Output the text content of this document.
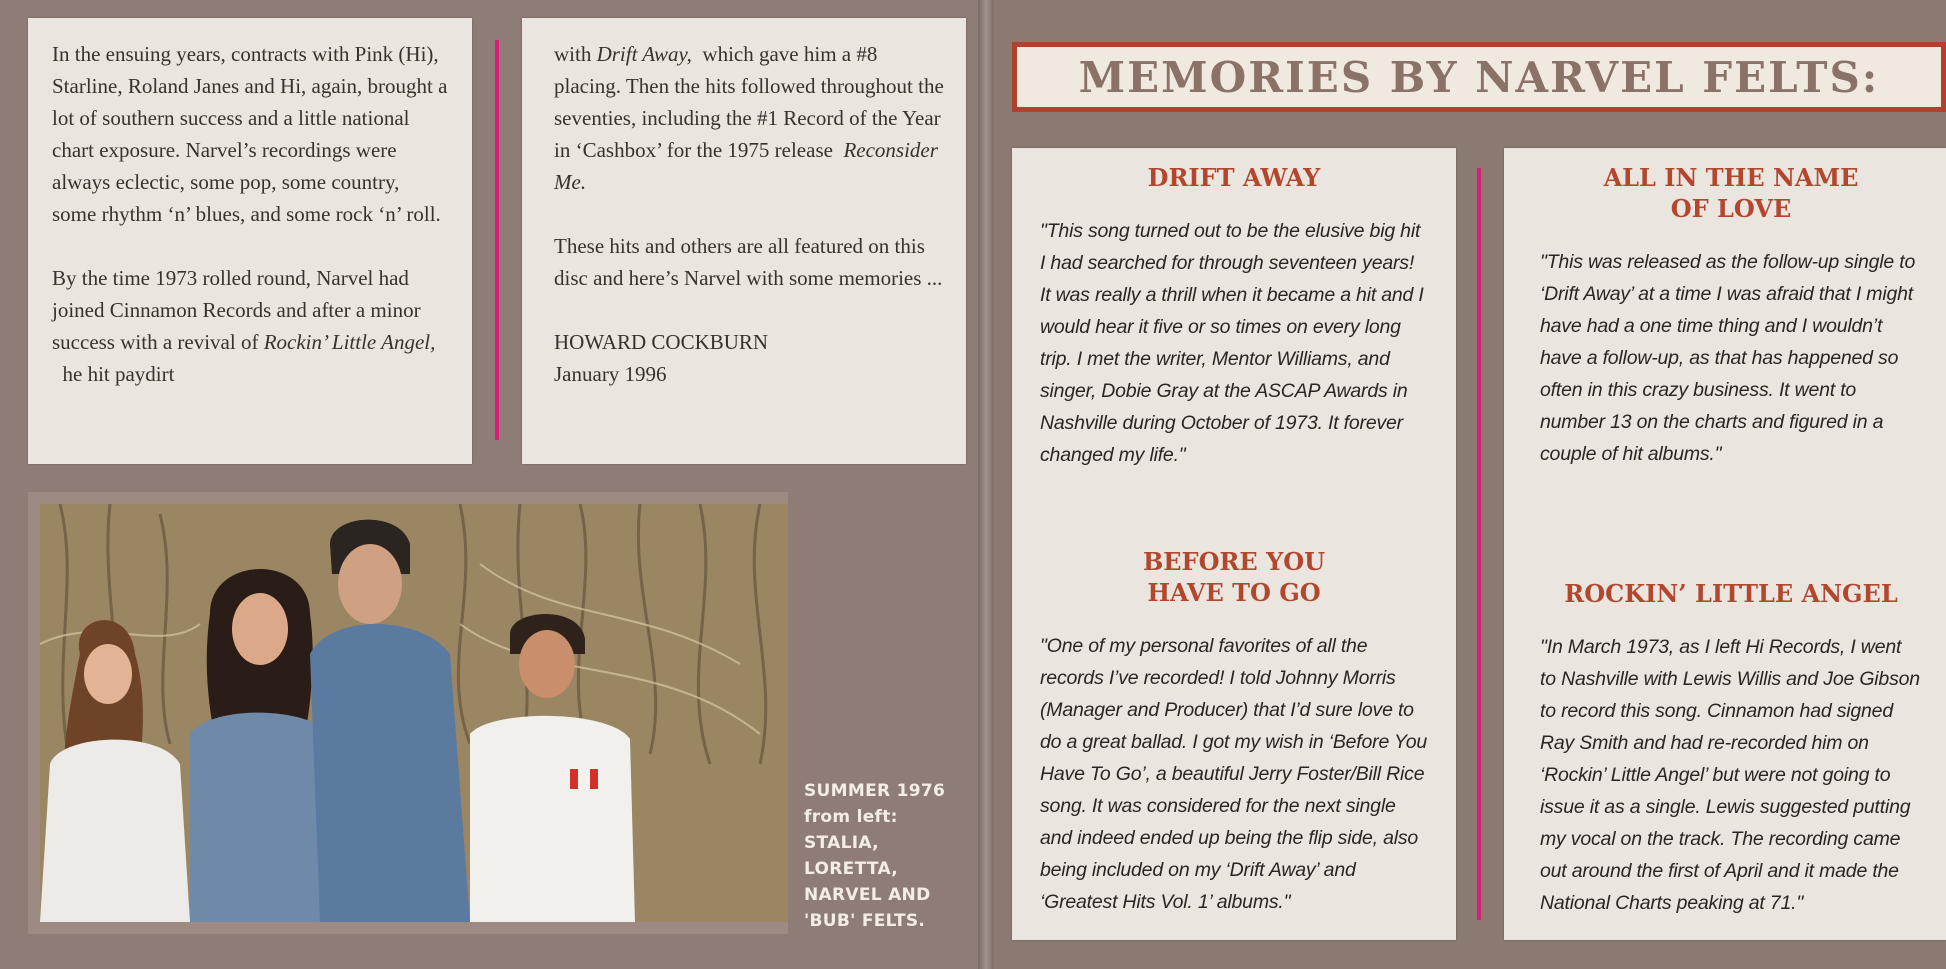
In the ensuing years, contracts with Pink (Hi), Starline, Roland Janes and Hi, again, brought a lot of southern success and a little national chart exposure. Narvel’s recordings were always eclectic, some pop, some country, some rhythm ‘n’ blues, and some rock ‘n’ roll.

By the time 1973 rolled round, Narvel had joined Cinnamon Records and after a minor success with a revival of Rockin’ Little Angel,  he hit paydirt

with Drift Away,  which gave him a #8 placing. Then the hits followed throughout the seventies, including the #1 Record of the Year in ‘Cashbox’ for the 1975 release  Reconsider Me.

These hits and others are all featured on this disc and here’s Narvel with some memories ...

HOWARD COCKBURN
January 1996

SUMMER 1976
from left:
STALIA, LORETTA,
NARVEL AND
'BUB' FELTS.
MEMORIES BY NARVEL FELTS:
DRIFT AWAY

"This song turned out to be the elusive big hit I had searched for through seventeen years! It was really a thrill when it became a hit and I would hear it five or so times on every long trip. I met the writer, Mentor Williams, and singer, Dobie Gray at the ASCAP Awards in Nashville during October of 1973. It forever changed my life."

BEFORE YOU
HAVE TO GO

"One of my personal favorites of all the records I’ve recorded! I told Johnny Morris (Manager and Producer) that I’d sure love to do a great ballad. I got my wish in ‘Before You Have To Go’, a beautiful Jerry Foster/Bill Rice song. It was considered for the next single and indeed ended up being the flip side, also being included on my ‘Drift Away’ and ‘Greatest Hits Vol. 1’ albums."

ALL IN THE NAME
OF LOVE

"This was released as the follow-up single to ‘Drift Away’ at a time I was afraid that I might have had a one time thing and I wouldn’t have a follow-up, as that has happened so often in this crazy business. It went to number 13 on the charts and figured in a couple of hit albums."

ROCKIN’ LITTLE ANGEL

"In March 1973, as I left Hi Records, I went to Nashville with Lewis Willis and Joe Gibson to record this song. Cinnamon had signed Ray Smith and had re-recorded him on ‘Rockin’ Little Angel’ but were not going to issue it as a single. Lewis suggested putting my vocal on the track. The recording came out around the first of April and it made the National Charts peaking at 71."
